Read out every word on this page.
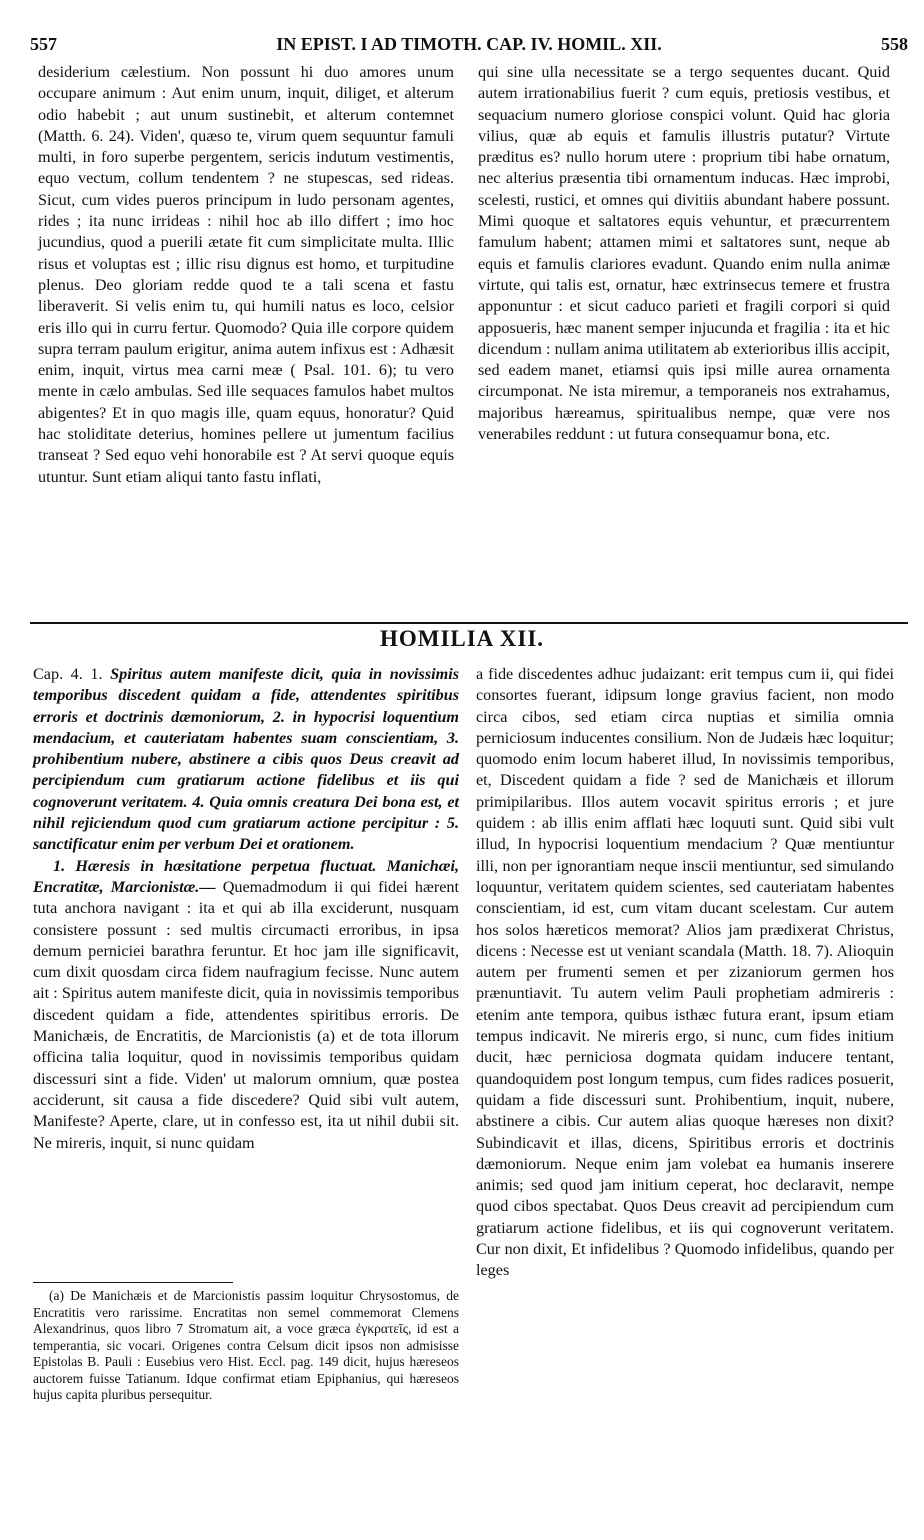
557	IN EPIST. I AD TIMOTH. CAP. IV. HOMIL. XII.	558

desiderium cælestium. Non possunt hi duo amores unum occupare animum : Aut enim unum, inquit, diliget, et alterum odio habebit ; aut unum sustinebit, et alterum contemnet (Matth. 6. 24). Viden', quæso te, virum quem sequuntur famuli multi, in foro superbe pergentem, sericis indutum vestimentis, equo vectum, collum tendentem ? ne stupescas, sed rideas. Sicut, cum vides pueros principum in ludo personam agentes, rides ; ita nunc irrideas : nihil hoc ab illo differt ; imo hoc jucundius, quod a puerili ætate fit cum simplicitate multa. Illic risus et voluptas est ; illic risu dignus est homo, et turpitudine plenus. Deo gloriam redde quod te a tali scena et fastu liberaverit. Si velis enim tu, qui humili natus es loco, celsior eris illo qui in curru fertur. Quomodo? Quia ille corpore quidem supra terram paulum erigitur, anima autem infixus est : Adhæsit enim, inquit, virtus mea carni meæ ( Psal. 101. 6); tu vero mente in cælo ambulas. Sed ille sequaces famulos habet multos abigentes? Et in quo magis ille, quam equus, honoratur? Quid hac stoliditate deterius, homines pellere ut jumentum facilius transeat ? Sed equo vehi honorabile est ? At servi quoque equis utuntur. Sunt etiam aliqui tanto fastu inflati,

qui sine ulla necessitate se a tergo sequentes ducant. Quid autem irrationabilius fuerit ? cum equis, pretiosis vestibus, et sequacium numero gloriose conspici volunt. Quid hac gloria vilius, quæ ab equis et famulis illustris putatur? Virtute præditus es? nullo horum utere : proprium tibi habe ornatum, nec alterius præsentia tibi ornamentum inducas. Hæc improbi, scelesti, rustici, et omnes qui divitiis abundant habere possunt. Mimi quoque et saltatores equis vehuntur, et præcurrentem famulum habent; attamen mimi et saltatores sunt, neque ab equis et famulis clariores evadunt. Quando enim nulla animæ virtute, qui talis est, ornatur, hæc extrinsecus temere et frustra apponuntur : et sicut caduco parieti et fragili corpori si quid apposueris, hæc manent semper injucunda et fragilia : ita et hic dicendum : nullam anima utilitatem ab exterioribus illis accipit, sed eadem manet, etiamsi quis ipsi mille aurea ornamenta circumponat. Ne ista miremur, a temporaneis nos extrahamus, majoribus hæreamus, spiritualibus nempe, quæ vere nos venerabiles reddunt : ut futura consequamur bona, etc.

HOMILIA XII.

Cap. 4. 1. Spiritus autem manifeste dicit, quia in novissimis temporibus discedent quidam a fide, attendentes spiritibus erroris et doctrinis dæmoniorum, 2. in hypocrisi loquentium mendacium, et cauteriatam habentes suam conscientiam, 3. prohibentium nubere, abstinere a cibis quos Deus creavit ad percipiendum cum gratiarum actione fidelibus et iis qui cognoverunt veritatem. 4. Quia omnis creatura Dei bona est, et nihil rejiciendum quod cum gratiarum actione percipitur : 5. sanctificatur enim per verbum Dei et orationem.

1. Hæresis in hæsitatione perpetua fluctuat. Manichæi, Encratitæ, Marcionistæ.— Quemadmodum ii qui fidei hærent tuta anchora navigant : ita et qui ab illa exciderunt, nusquam consistere possunt : sed multis circumacti erroribus, in ipsa demum perniciei barathra feruntur. Et hoc jam ille significavit, cum dixit quosdam circa fidem naufragium fecisse. Nunc autem ait : Spiritus autem manifeste dicit, quia in novissimis temporibus discedent quidam a fide, attendentes spiritibus erroris. De Manichæis, de Encratitis, de Marcionistis (a) et de tota illorum officina talia loquitur, quod in novissimis temporibus quidam discessuri sint a fide. Viden' ut malorum omnium, quæ postea acciderunt, sit causa a fide discedere? Quid sibi vult autem, Manifeste? Aperte, clare, ut in confesso est, ita ut nihil dubii sit. Ne mireris, inquit, si nunc quidam

(a) De Manichæis et de Marcionistis passim loquitur Chrysostomus, de Encratitis vero rarissime. Encratitas non semel commemorat Clemens Alexandrinus, quos libro 7 Stromatum ait, a voce græca ἐγκρατεῖς, id est a temperantia, sic vocari. Origenes contra Celsum dicit ipsos non admisisse Epistolas B. Pauli : Eusebius vero Hist. Eccl. pag. 149 dicit, hujus hæreseos auctorem fuisse Tatianum. Idque confirmat etiam Epiphanius, qui hæreseos hujus capita pluribus persequitur.

a fide discedentes adhuc judaizant: erit tempus cum ii, qui fidei consortes fuerant, idipsum longe gravius facient, non modo circa cibos, sed etiam circa nuptias et similia omnia perniciosum inducentes consilium. Non de Judæis hæc loquitur; quomodo enim locum haberet illud, In novissimis temporibus, et, Discedent quidam a fide ? sed de Manichæis et illorum primipilaribus. Illos autem vocavit spiritus erroris ; et jure quidem : ab illis enim afflati hæc loquuti sunt. Quid sibi vult illud, In hypocrisi loquentium mendacium ? Quæ mentiuntur illi, non per ignorantiam neque inscii mentiuntur, sed simulando loquuntur, veritatem quidem scientes, sed cauteriatam habentes conscientiam, id est, cum vitam ducant scelestam. Cur autem hos solos hæreticos memorat? Alios jam prædixerat Christus, dicens : Necesse est ut veniant scandala (Matth. 18. 7). Alioquin autem per frumenti semen et per zizaniorum germen hos prænuntiavit. Tu autem velim Pauli prophetiam admireris : etenim ante tempora, quibus isthæc futura erant, ipsum etiam tempus indicavit. Ne mireris ergo, si nunc, cum fides initium ducit, hæc perniciosa dogmata quidam inducere tentant, quandoquidem post longum tempus, cum fides radices posuerit, quidam a fide discessuri sunt. Prohibentium, inquit, nubere, abstinere a cibis. Cur autem alias quoque hæreses non dixit? Subindicavit et illas, dicens, Spiritibus erroris et doctrinis dæmoniorum. Neque enim jam volebat ea humanis inserere animis; sed quod jam initium ceperat, hoc declaravit, nempe quod cibos spectabat. Quos Deus creavit ad percipiendum cum gratiarum actione fidelibus, et iis qui cognoverunt veritatem. Cur non dixit, Et infidelibus ? Quomodo infidelibus, quando per leges
